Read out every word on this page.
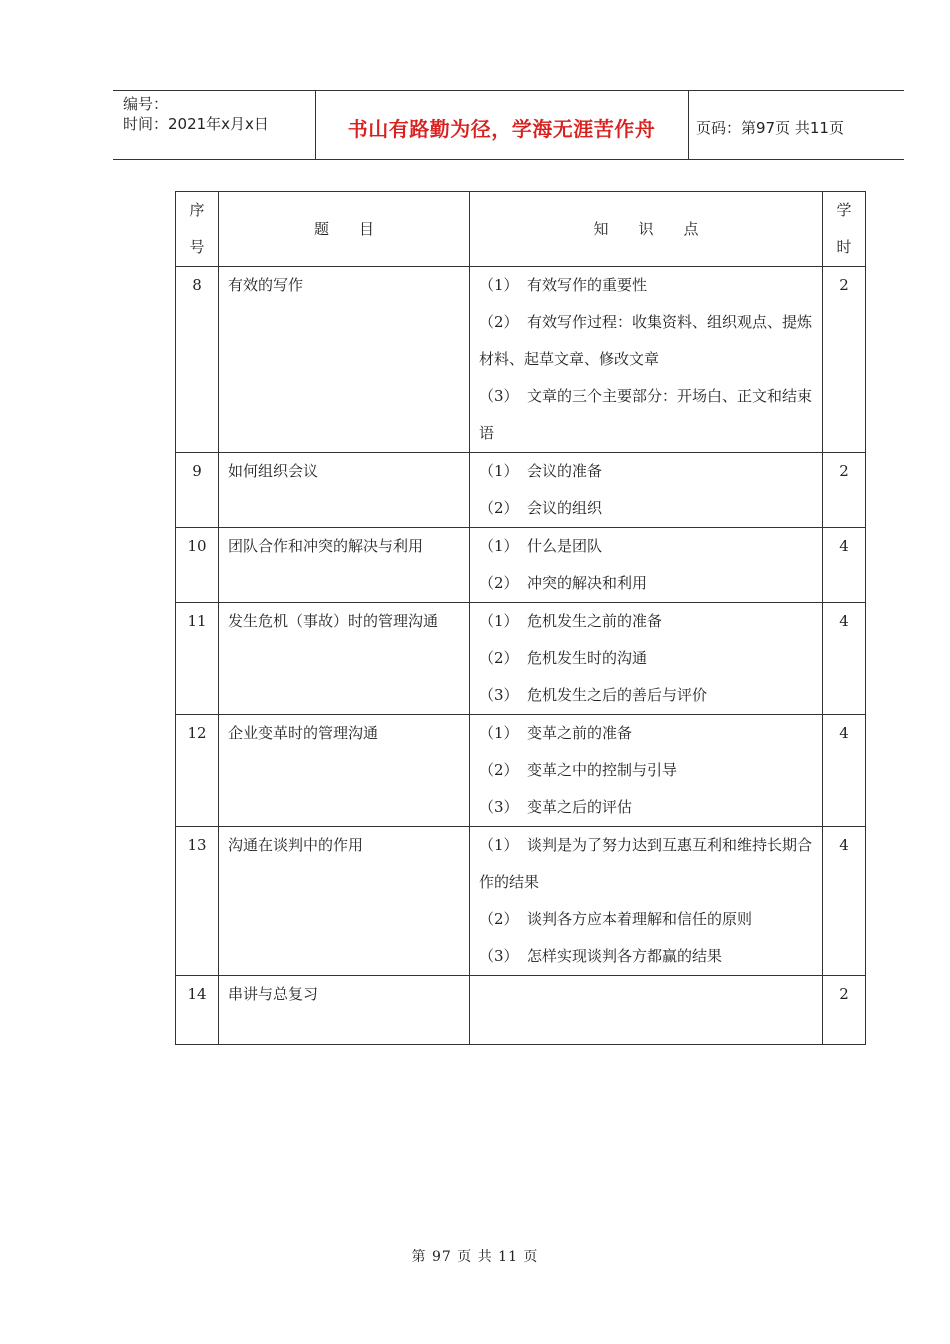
编号：
时间：2021年x月x日	书山有路勤为径，学海无涯苦作舟	页码：第97页 共11页
序
号	题　　目	知　　识　　点	学
时

8	有效的写作	（1） 有效写作的重要性
（2） 有效写作过程：收集资料、组织观点、提炼材料、起草文章、修改文章
（3） 文章的三个主要部分：开场白、正文和结束语	2
9	如何组织会议	（1） 会议的准备
（2） 会议的组织	2
10	团队合作和冲突的解决与利用	（1） 什么是团队
（2） 冲突的解决和利用	4
11	发生危机（事故）时的管理沟通	（1） 危机发生之前的准备
（2） 危机发生时的沟通
（3） 危机发生之后的善后与评价	4
12	企业变革时的管理沟通	（1） 变革之前的准备
（2） 变革之中的控制与引导
（3） 变革之后的评估	4
13	沟通在谈判中的作用	（1） 谈判是为了努力达到互惠互利和维持长期合作的结果
（2） 谈判各方应本着理解和信任的原则
（3） 怎样实现谈判各方都赢的结果	4
14	串讲与总复习		2
第 97 页 共 11 页
